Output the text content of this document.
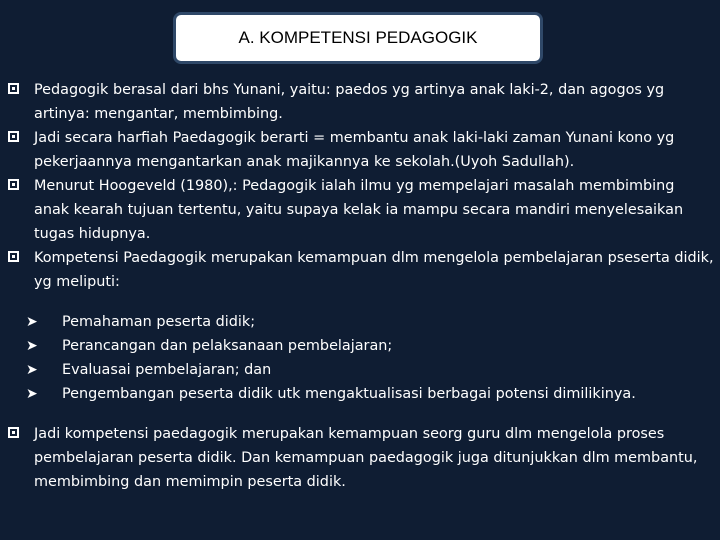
A. KOMPETENSI PEDAGOGIK
Pedagogik berasal dari bhs Yunani, yaitu: paedos yg artinya anak laki-2, dan agogos yg artinya: mengantar, membimbing.
Jadi secara harfiah Paedagogik berarti = membantu anak laki-laki zaman Yunani kono yg pekerjaannya mengantarkan anak majikannya ke sekolah.(Uyoh Sadullah).
Menurut Hoogeveld (1980),: Pedagogik ialah ilmu yg mempelajari masalah membimbing anak kearah tujuan tertentu, yaitu supaya kelak ia mampu secara mandiri menyelesaikan tugas hidupnya.
Kompetensi Paedagogik merupakan kemampuan dlm mengelola pembelajaran pseserta didik, yg meliputi:
➤	Pemahaman peserta didik;
➤	Perancangan dan pelaksanaan pembelajaran;
➤	Evaluasai pembelajaran; dan
➤	Pengembangan peserta didik utk mengaktualisasi berbagai potensi dimilikinya.
Jadi kompetensi paedagogik merupakan kemampuan seorg guru dlm mengelola proses pembelajaran peserta didik. Dan kemampuan paedagogik juga ditunjukkan dlm membantu, membimbing dan memimpin peserta didik.
